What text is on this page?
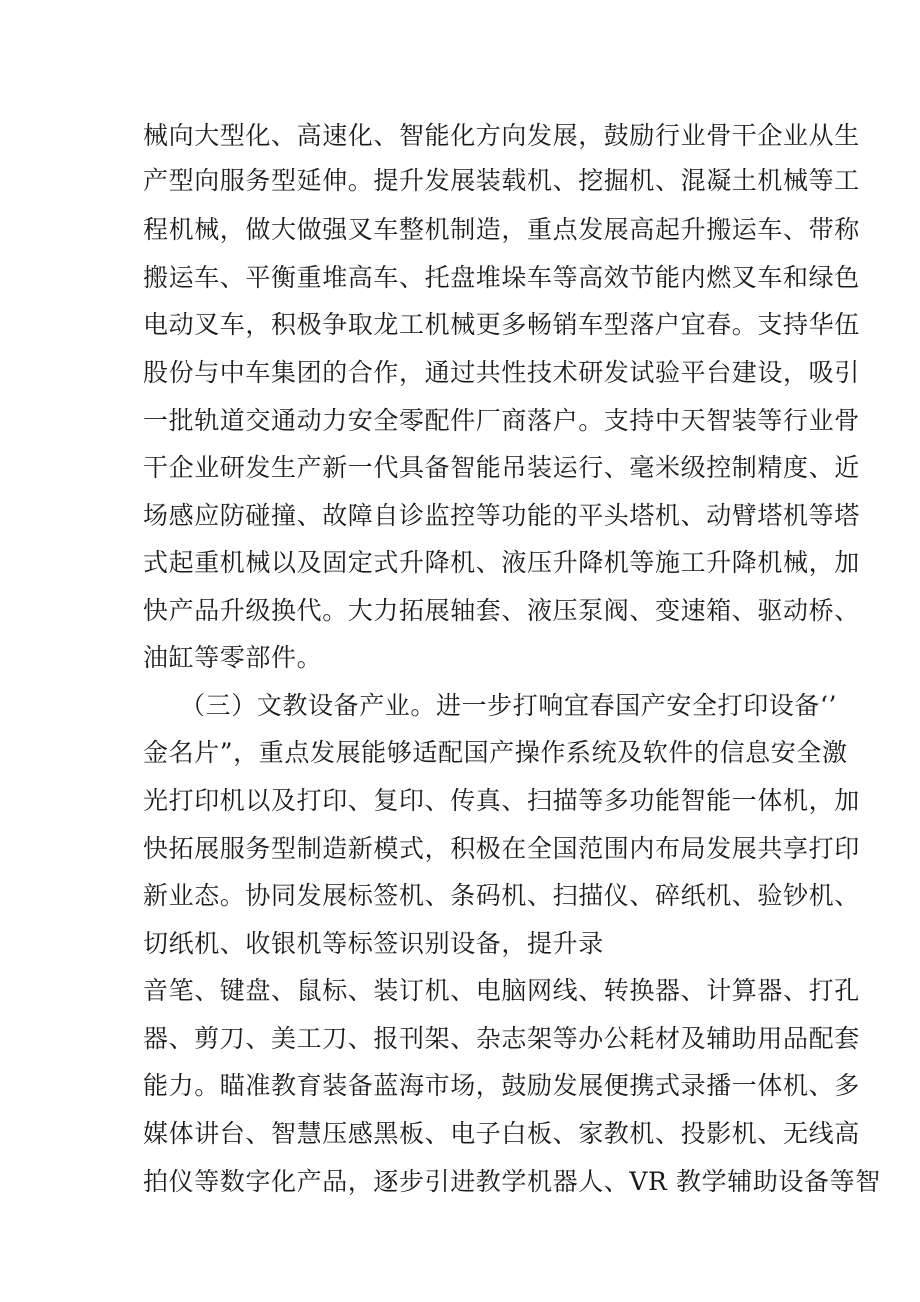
械向大型化、高速化、智能化方向发展，鼓励行业骨干企业从生
产型向服务型延伸。提升发展装载机、挖掘机、混凝土机械等工
程机械，做大做强叉车整机制造，重点发展高起升搬运车、带称
搬运车、平衡重堆高车、托盘堆垛车等高效节能内燃叉车和绿色
电动叉车，积极争取龙工机械更多畅销车型落户宜春。支持华伍
股份与中车集团的合作，通过共性技术研发试验平台建设，吸引
一批轨道交通动力安全零配件厂商落户。支持中天智装等行业骨
干企业研发生产新一代具备智能吊装运行、毫米级控制精度、近
场感应防碰撞、故障自诊监控等功能的平头塔机、动臂塔机等塔
式起重机械以及固定式升降机、液压升降机等施工升降机械，加
快产品升级换代。大力拓展轴套、液压泵阀、变速箱、驱动桥、
油缸等零部件。
（三）文教设备产业。进一步打响宜春国产安全打印设备‘’
金名片”，重点发展能够适配国产操作系统及软件的信息安全激
光打印机以及打印、复印、传真、扫描等多功能智能一体机，加
快拓展服务型制造新模式，积极在全国范围内布局发展共享打印
新业态。协同发展标签机、条码机、扫描仪、碎纸机、验钞机、
切纸机、收银机等标签识别设备，提升录
音笔、键盘、鼠标、装订机、电脑网线、转换器、计算器、打孔
器、剪刀、美工刀、报刊架、杂志架等办公耗材及辅助用品配套
能力。瞄准教育装备蓝海市场，鼓励发展便携式录播一体机、多
媒体讲台、智慧压感黑板、电子白板、家教机、投影机、无线高
拍仪等数字化产品，逐步引进教学机器人、VR 教学辅助设备等智
